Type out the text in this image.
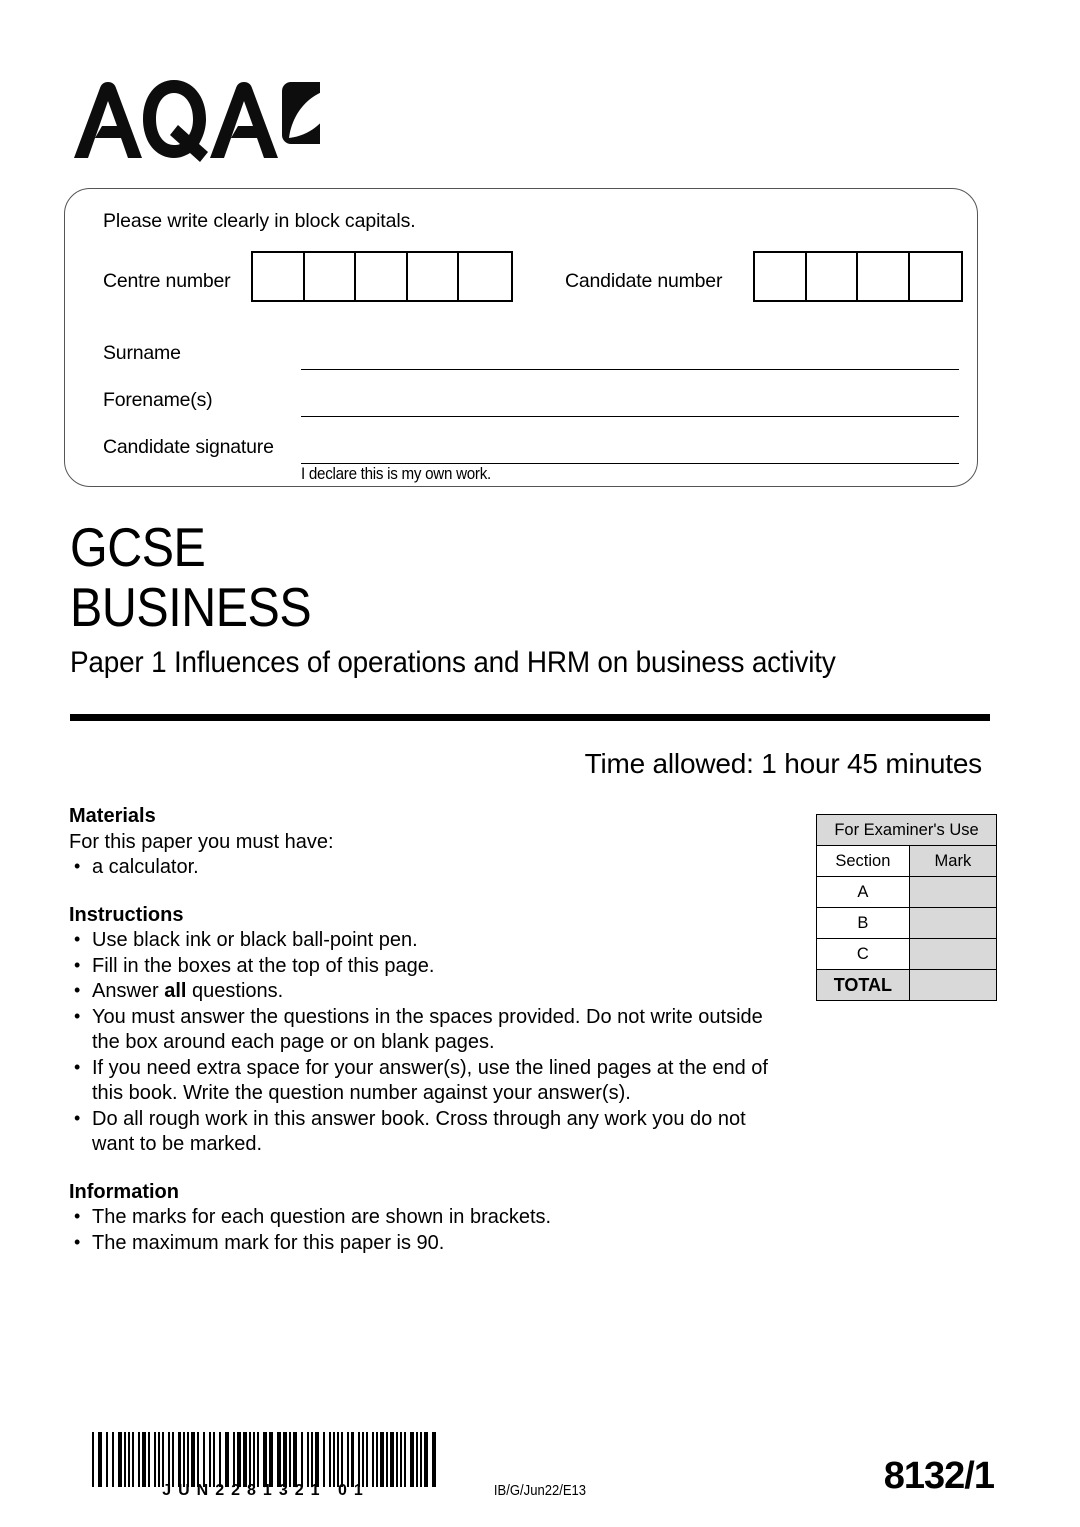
Please write clearly in block capitals.
Centre number	Candidate number
Surname
Forename(s)
Candidate signature
I declare this is my own work.
GCSE
BUSINESS
Paper 1 Influences of operations and HRM on business activity
Time allowed: 1 hour 45 minutes

Materials

For this paper you must have:

• a calculator.

Instructions

• Use black ink or black ball-point pen.
• Fill in the boxes at the top of this page.
• Answer all questions.
• You must answer the questions in the spaces provided. Do not write outside the box around each page or on blank pages.
• If you need extra space for your answer(s), use the lined pages at the end of this book. Write the question number against your answer(s).
• Do all rough work in this answer book. Cross through any work you do not want to be marked.

Information

• The marks for each question are shown in brackets.
• The maximum mark for this paper is 90.
For Examiner's Use	
Section	Mark
A	
B	
C	
TOTAL	
JUN2281321 01	IB/G/Jun22/E13	8132/1
